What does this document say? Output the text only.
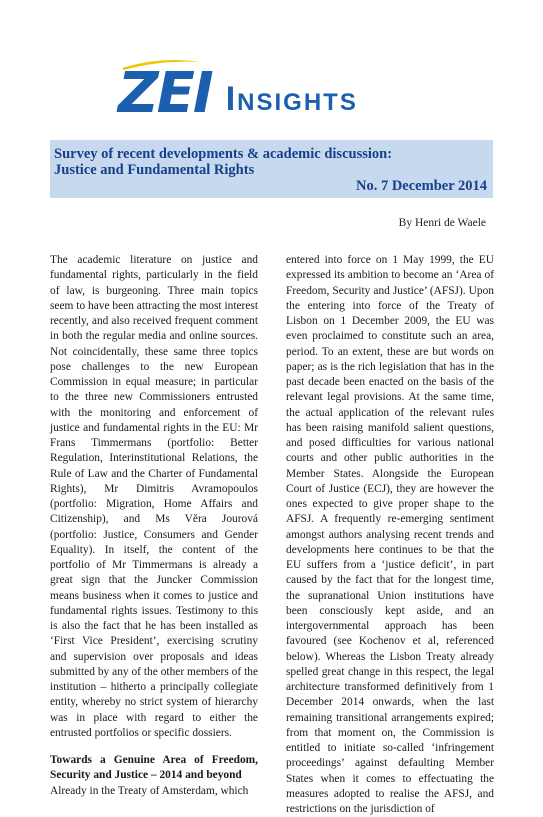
ZEI Insights
Survey of recent developments & academic discussion:
Justice and Fundamental Rights
No. 7 December 2014
By Henri de Waele

The academic literature on justice and fundamental rights, particularly in the field of law, is burgeoning. Three main topics seem to have been attracting the most interest recently, and also received frequent comment in both the regular media and online sources. Not coincidentally, these same three topics pose challenges to the new European Commission in equal measure; in particular to the three new Commissioners entrusted with the monitoring and enforcement of justice and fundamental rights in the EU: Mr Frans Timmermans (portfolio: Better Regulation, Interinstitutional Relations, the Rule of Law and the Charter of Fundamental Rights), Mr Dimitris Avramopoulos (portfolio: Migration, Home Affairs and Citizenship), and Ms Věra Jourová (portfolio: Justice, Consumers and Gender Equality). In itself, the content of the portfolio of Mr Timmermans is already a great sign that the Juncker Commission means business when it comes to justice and fundamental rights issues. Testimony to this is also the fact that he has been installed as ‘First Vice President’, exercising scrutiny and supervision over proposals and ideas submitted by any of the other members of the institution – hitherto a principally collegiate entity, whereby no strict system of hierarchy was in place with regard to either the entrusted portfolios or specific dossiers.

Towards a Genuine Area of Freedom, Security and Justice – 2014 and beyond

Already in the Treaty of Amsterdam, which

entered into force on 1 May 1999, the EU expressed its ambition to become an ‘Area of Freedom, Security and Justice’ (AFSJ). Upon the entering into force of the Treaty of Lisbon on 1 December 2009, the EU was even proclaimed to constitute such an area, period. To an extent, these are but words on paper; as is the rich legislation that has in the past decade been enacted on the basis of the relevant legal provisions. At the same time, the actual application of the relevant rules has been raising manifold salient questions, and posed difficulties for various national courts and other public authorities in the Member States. Alongside the European Court of Justice (ECJ), they are however the ones expected to give proper shape to the AFSJ. A frequently re-emerging sentiment amongst authors analysing recent trends and developments here continues to be that the EU suffers from a ‘justice deficit’, in part caused by the fact that for the longest time, the supranational Union institutions have been consciously kept aside, and an intergovernmental approach has been favoured (see Kochenov et al, referenced below). Whereas the Lisbon Treaty already spelled great change in this respect, the legal architecture transformed definitively from 1 December 2014 onwards, when the last remaining transitional arrangements expired; from that moment on, the Commission is entitled to initiate so-called ‘infringement proceedings’ against defaulting Member States when it comes to effectuating the measures adopted to realise the AFSJ, and restrictions on the jurisdiction of
